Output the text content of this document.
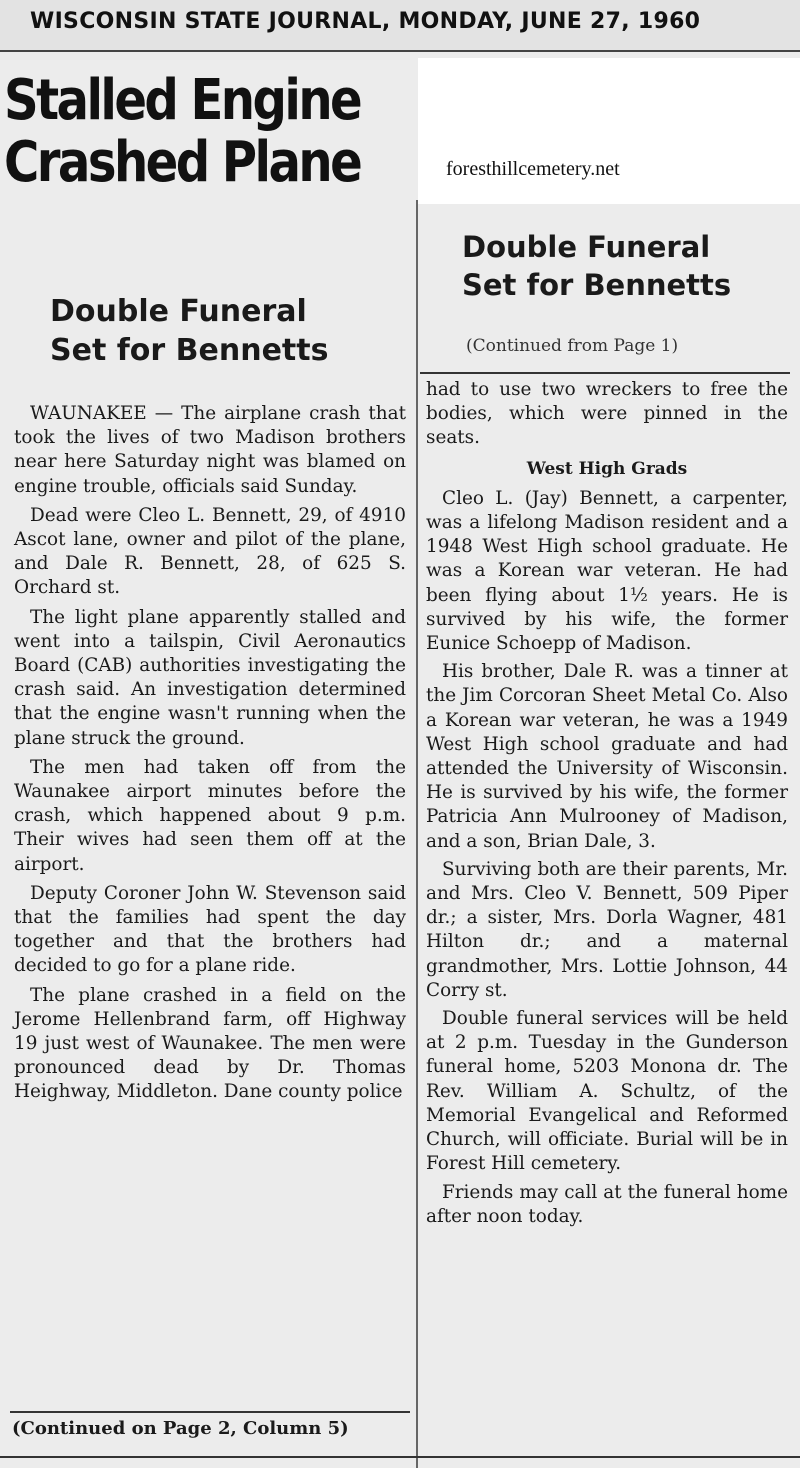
WISCONSIN STATE JOURNAL, MONDAY, JUNE 27, 1960
Stalled Engine
Crashed Plane
Double Funeral
Set for Bennetts

WAUNAKEE — The airplane crash that took the lives of two Madison brothers near here Saturday night was blamed on engine trouble, officials said Sunday.

Dead were Cleo L. Bennett, 29, of 4910 Ascot lane, owner and pilot of the plane, and Dale R. Bennett, 28, of 625 S. Orchard st.

The light plane apparently stalled and went into a tailspin, Civil Aeronautics Board (CAB) authorities investigating the crash said. An investigation determined that the engine wasn't running when the plane struck the ground.

The men had taken off from the Waunakee airport minutes before the crash, which happened about 9 p.m. Their wives had seen them off at the airport.

Deputy Coroner John W. Stevenson said that the families had spent the day together and that the brothers had decided to go for a plane ride.

The plane crashed in a field on the Jerome Hellenbrand farm, off Highway 19 just west of Waunakee. The men were pronounced dead by Dr. Thomas Heighway, Middleton. Dane county police

(Continued on Page 2, Column 5)
foresthillcemetery.net
Double Funeral
Set for Bennetts
(Continued from Page 1)

had to use two wreckers to free the bodies, which were pinned in the seats.

West High Grads

Cleo L. (Jay) Bennett, a carpenter, was a lifelong Madison resident and a 1948 West High school graduate. He was a Korean war veteran. He had been flying about 1½ years. He is survived by his wife, the former Eunice Schoepp of Madison.

His brother, Dale R. was a tinner at the Jim Corcoran Sheet Metal Co. Also a Korean war veteran, he was a 1949 West High school graduate and had attended the University of Wisconsin. He is survived by his wife, the former Patricia Ann Mulrooney of Madison, and a son, Brian Dale, 3.

Surviving both are their parents, Mr. and Mrs. Cleo V. Bennett, 509 Piper dr.; a sister, Mrs. Dorla Wagner, 481 Hilton dr.; and a maternal grandmother, Mrs. Lottie Johnson, 44 Corry st.

Double funeral services will be held at 2 p.m. Tuesday in the Gunderson funeral home, 5203 Monona dr. The Rev. William A. Schultz, of the Memorial Evangelical and Reformed Church, will officiate. Burial will be in Forest Hill cemetery.

Friends may call at the funeral home after noon today.
